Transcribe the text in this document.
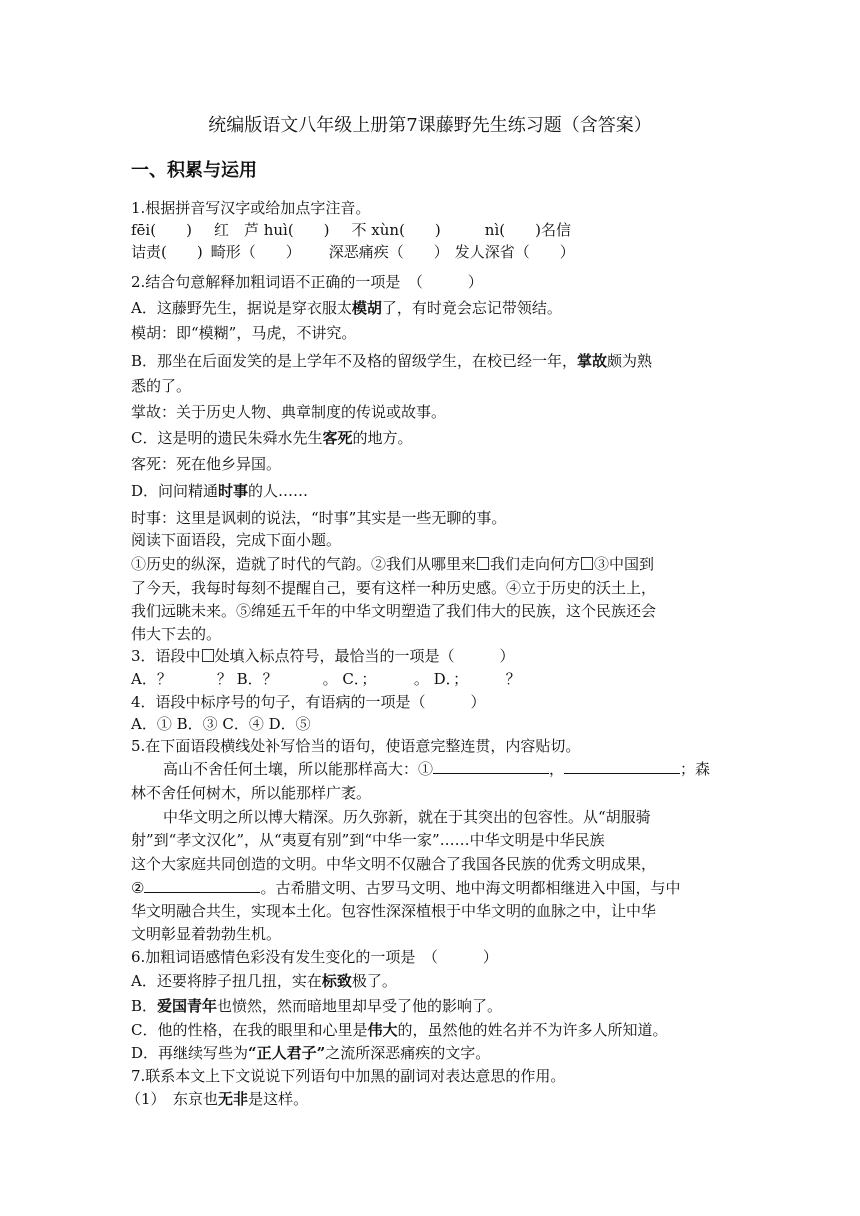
统编版语文八年级上册第7课藤野先生练习题（含答案）
一、积累与运用
1.根据拼音写汉字或给加点字注音。
fēi(　　) 红　芦 huì(　　) 不 xùn(　　)	nì(　　)名信
诘责(　　) 畸形（　　） 深恶痛疾（　　） 发人深省（　　）
2.结合句意解释加粗词语不正确的一项是　（　　　）
A．这藤野先生，据说是穿衣服太模胡了，有时竟会忘记带领结。
模胡：即“模糊”，马虎，不讲究。
B．那坐在后面发笑的是上学年不及格的留级学生，在校已经一年，掌故颇为熟
悉的了。
掌故：关于历史人物、典章制度的传说或故事。
C．这是明的遗民朱舜水先生客死的地方。
客死：死在他乡异国。
D．问问精通时事的人……
时事：这里是讽刺的说法，“时事”其实是一些无聊的事。
阅读下面语段，完成下面小题。
①历史的纵深，造就了时代的气韵。②我们从哪里来 我们走向何方 ③中国到
了今天，我每时每刻不提醒自己，要有这样一种历史感。④立于历史的沃土上，
我们远眺未来。⑤绵延五千年的中华文明塑造了我们伟大的民族，这个民族还会
伟大下去的。
3．语段中 处填入标点符号，最恰当的一项是（　　　）
A．？　　　？ B．？　　　。 C．；　　　。 D．；　　　？
4．语段中标序号的句子，有语病的一项是（　　　）
A．① B．③ C．④ D．⑤
5.在下面语段横线处补写恰当的语句，使语意完整连贯，内容贴切。
高山不舍任何土壤，所以能那样高大：①	，	；森
林不舍任何树木，所以能那样广袤。
中华文明之所以博大精深。历久弥新，就在于其突出的包容性。从“胡服骑
射”到“孝文汉化”，从“夷夏有别”到“中华一家”……中华文明是中华民族
这个大家庭共同创造的文明。中华文明不仅融合了我国各民族的优秀文明成果，
②	。古希腊文明、古罗马文明、地中海文明都相继进入中国，与中
华文明融合共生，实现本土化。包容性深深植根于中华文明的血脉之中，让中华
文明彰显着勃勃生机。
6.加粗词语感情色彩没有发生变化的一项是　（　　　）
A．还要将脖子扭几扭，实在标致极了。
B．爱国青年也愤然，然而暗地里却早受了他的影响了。
C．他的性格，在我的眼里和心里是伟大的，虽然他的姓名并不为许多人所知道。
D．再继续写些为“正人君子”之流所深恶痛疾的文字。
7.联系本文上下文说说下列语句中加黑的副词对表达意思的作用。
（1）　东京也无非是这样。
